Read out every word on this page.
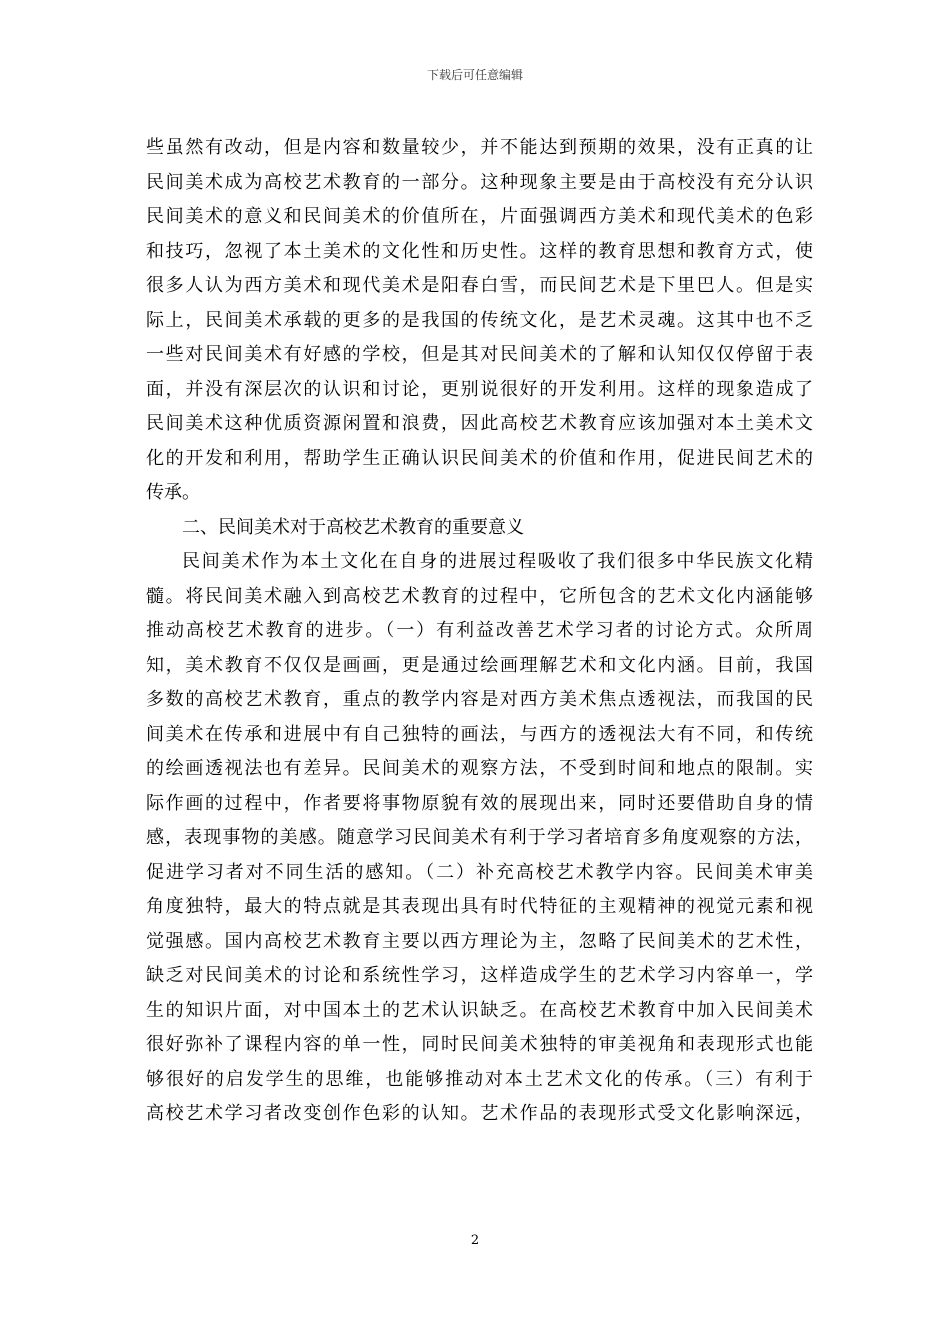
下载后可任意编辑
些虽然有改动，但是内容和数量较少，并不能达到预期的效果，没有正真的让
民间美术成为高校艺术教育的一部分。这种现象主要是由于高校没有充分认识
民间美术的意义和民间美术的价值所在，片面强调西方美术和现代美术的色彩
和技巧，忽视了本土美术的文化性和历史性。这样的教育思想和教育方式，使
很多人认为西方美术和现代美术是阳春白雪，而民间艺术是下里巴人。但是实
际上，民间美术承载的更多的是我国的传统文化，是艺术灵魂。这其中也不乏
一些对民间美术有好感的学校，但是其对民间美术的了解和认知仅仅停留于表
面，并没有深层次的认识和讨论，更别说很好的开发利用。这样的现象造成了
民间美术这种优质资源闲置和浪费，因此高校艺术教育应该加强对本土美术文
化的开发和利用，帮助学生正确认识民间美术的价值和作用，促进民间艺术的
传承。
二、民间美术对于高校艺术教育的重要意义
民间美术作为本土文化在自身的进展过程吸收了我们很多中华民族文化精
髓。将民间美术融入到高校艺术教育的过程中，它所包含的艺术文化内涵能够
推动高校艺术教育的进步。（一）有利益改善艺术学习者的讨论方式。众所周
知，美术教育不仅仅是画画，更是通过绘画理解艺术和文化内涵。目前，我国
多数的高校艺术教育，重点的教学内容是对西方美术焦点透视法，而我国的民
间美术在传承和进展中有自己独特的画法，与西方的透视法大有不同，和传统
的绘画透视法也有差异。民间美术的观察方法，不受到时间和地点的限制。实
际作画的过程中，作者要将事物原貌有效的展现出来，同时还要借助自身的情
感，表现事物的美感。随意学习民间美术有利于学习者培育多角度观察的方法，
促进学习者对不同生活的感知。（二）补充高校艺术教学内容。民间美术审美
角度独特，最大的特点就是其表现出具有时代特征的主观精神的视觉元素和视
觉强感。国内高校艺术教育主要以西方理论为主，忽略了民间美术的艺术性，
缺乏对民间美术的讨论和系统性学习，这样造成学生的艺术学习内容单一，学
生的知识片面，对中国本土的艺术认识缺乏。在高校艺术教育中加入民间美术
很好弥补了课程内容的单一性，同时民间美术独特的审美视角和表现形式也能
够很好的启发学生的思维，也能够推动对本土艺术文化的传承。（三）有利于
高校艺术学习者改变创作色彩的认知。艺术作品的表现形式受文化影响深远，
2
